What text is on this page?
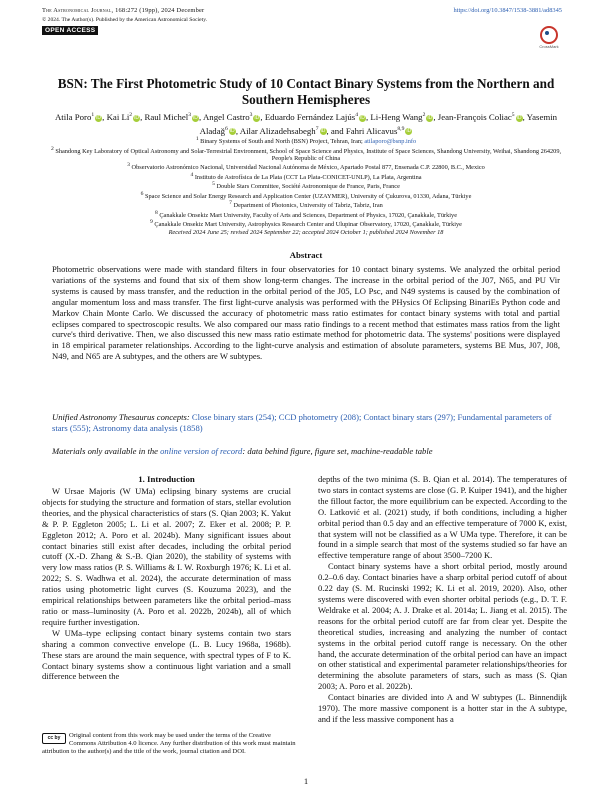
The Astronomical Journal, 168:272 (19pp), 2024 December	https://doi.org/10.3847/1538-3881/ad8345
© 2024. The Author(s). Published by the American Astronomical Society.
OPEN ACCESS
CrossMark
BSN: The First Photometric Study of 10 Contact Binary Systems from the Northern and Southern Hemispheres
Atila Poro$^1$ iD, Kai Li$^2$ iD, Raul Michel$^3$ iD, Angel Castro$^3$ iD, Eduardo Fernández Lajús$^4$ iD, Li-Heng Wang$^2$ iD, Jean-François Coliac$^5$ iD, Yasemin Aladağ$^6$ iD, Ailar Alizadehsabegh$^7$ iD, and Fahri Alicavus$^{8,9}$ iD
$^1$ Binary Systems of South and North (BSN) Project, Tehran, Iran; atilaporo@bsnp.info
$^2$ Shandong Key Laboratory of Optical Astronomy and Solar-Terrestrial Environment, School of Space Science and Physics, Institute of Space Sciences, Shandong University, Weihai, Shandong 264209, People's Republic of China
$^3$ Observatorio Astronómico Nacional, Universidad Nacional Autónoma de México, Apartado Postal 877, Ensenada C.P. 22800, B.C., Mexico
$^4$ Instituto de Astrofísica de La Plata (CCT La Plata-CONICET-UNLP), La Plata, Argentina
$^5$ Double Stars Committee, Société Astronomique de France, Paris, France
$^6$ Space Science and Solar Energy Research and Application Center (UZAYMER), University of Çukurova, 01330, Adana, Türkiye
$^7$ Department of Photonics, University of Tabriz, Tabriz, Iran
$^8$ Çanakkale Onsekiz Mart University, Faculty of Arts and Sciences, Department of Physics, 17020, Çanakkale, Türkiye
$^9$ Çanakkale Onsekiz Mart University, Astrophysics Research Center and Ulupinar Observatory, 17020, Çanakkale, Türkiye
Received 2024 June 25; revised 2024 September 22; accepted 2024 October 1; published 2024 November 18
Abstract
Photometric observations were made with standard filters in four observatories for 10 contact binary systems. We analyzed the orbital period variations of the systems and found that six of them show long-term changes. The increase in the orbital period of the J07, N65, and PU Vir systems is caused by mass transfer, and the reduction in the orbital period of the J05, LO Psc, and N49 systems is caused by the combination of angular momentum loss and mass transfer. The first light-curve analysis was performed with the PHysics Of Eclipsing BinariEs Python code and Markov Chain Monte Carlo. We discussed the accuracy of photometric mass ratio estimates for contact binary systems with total and partial eclipses compared to spectroscopic results. We also compared our mass ratio findings to a recent method that estimates mass ratios from the light curve's third derivative. Then, we also discussed this new mass ratio estimate method for photometric data. The systems' positions were displayed in 18 empirical parameter relationships. According to the light-curve analysis and estimation of absolute parameters, systems BE Mus, J07, J08, N49, and N65 are A subtypes, and the others are W subtypes.
Unified Astronomy Thesaurus concepts: Close binary stars (254); CCD photometry (208); Contact binary stars (297); Fundamental parameters of stars (555); Astronomy data analysis (1858)
Materials only available in the online version of record: data behind figure, figure set, machine-readable table
1. Introduction

W Ursae Majoris (W UMa) eclipsing binary systems are crucial objects for studying the structure and formation of stars, stellar evolution theories, and the physical characteristics of stars (S. Qian 2003; K. Yakut & P. P. Eggleton 2005; L. Li et al. 2007; Z. Eker et al. 2008; P. P. Eggleton 2012; A. Poro et al. 2024b). Many significant issues about contact binaries still exist after decades, including the orbital period cutoff (X.-D. Zhang & S.-B. Qian 2020), the stability of systems with very low mass ratios (P. S. Williams & I. W. Roxburgh 1976; K. Li et al. 2022; S. S. Wadhwa et al. 2024), the accurate determination of mass ratios using photometric light curves (S. Kouzuma 2023), and the empirical relationships between parameters like the orbital period–mass ratio or mass–luminosity (A. Poro et al. 2022b, 2024b), all of which require further investigation.

W UMa–type eclipsing contact binary systems contain two stars sharing a common convective envelope (L. B. Lucy 1968a, 1968b). These stars are around the main sequence, with spectral types of F to K. Contact binary systems show a continuous light variation and a small difference between the

depths of the two minima (S. B. Qian et al. 2014). The temperatures of two stars in contact systems are close (G. P. Kuiper 1941), and the higher the fillout factor, the more equilibrium can be expected. According to the O. Latković et al. (2021) study, if both conditions, including a higher orbital period than 0.5 day and an effective temperature of 7000 K, exist, that system will not be classified as a W UMa type. Therefore, it can be found in a simple search that most of the systems studied so far have an effective temperature range of about 3500–7200 K.

Contact binary systems have a short orbital period, mostly around 0.2–0.6 day. Contact binaries have a sharp orbital period cutoff of about 0.22 day (S. M. Rucinski 1992; K. Li et al. 2019, 2020). Also, other systems were discovered with even shorter orbital periods (e.g., D. T. F. Weldrake et al. 2004; A. J. Drake et al. 2014a; L. Jiang et al. 2015). The reasons for the orbital period cutoff are far from clear yet. Despite the theoretical studies, increasing and analyzing the number of contact systems in the orbital period cutoff range is necessary. On the other hand, the accurate determination of the orbital period can have an impact on other statistical and experimental parameter relationships/theories for determining the absolute parameters of stars, such as mass (S. Qian 2003; A. Poro et al. 2022b).

Contact binaries are divided into A and W subtypes (L. Binnendijk 1970). The more massive component is a hotter star in the A subtype, and if the less massive component has a

cc by	Original content from this work may be used under the terms of the Creative Commons Attribution 4.0 licence. Any further distribution of this work must maintain attribution to the author(s) and the title of the work, journal citation and DOI.
1
